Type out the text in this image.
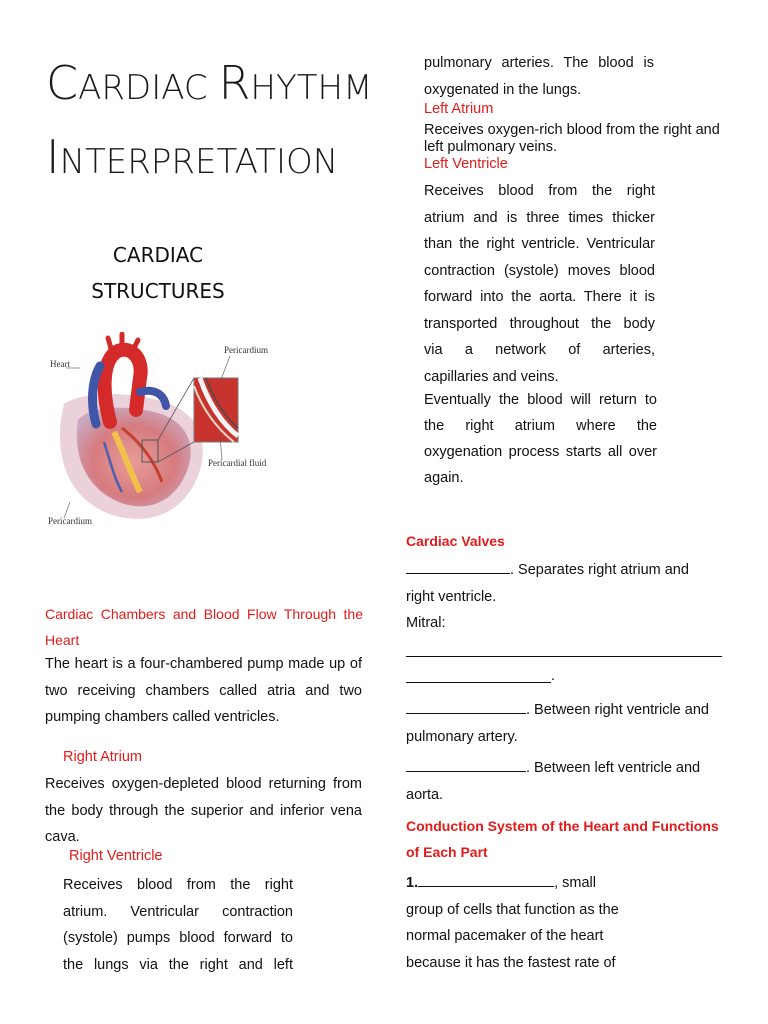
CARDIAC RHYTHM
INTERPRETATION
CARDIAC
STRUCTURES
Heart
Pericardium
Pericardial fluid
Pericardium
Cardiac Chambers and Blood Flow Through the
Heart
The heart is a four-chambered pump made up of
two receiving chambers called atria and two
pumping chambers called ventricles.
Right Atrium
Receives oxygen-depleted blood returning from
the body through the superior and inferior vena
cava.
Right Ventricle
Receives blood from the right
atrium. Ventricular contraction
(systole) pumps blood forward to
the lungs via the right and left
pulmonary arteries. The blood is
oxygenated in the lungs.
Left Atrium
Receives oxygen-rich blood from the right and
left pulmonary veins.
Left Ventricle
Receives blood from the right
atrium and is three times thicker
than the right ventricle. Ventricular
contraction (systole) moves blood
forward into the aorta. There it is
transported throughout the body
via a network of arteries,
capillaries and veins.
Eventually the blood will return to
the right atrium where the
oxygenation process starts all over
again.
Cardiac Valves
. Separates right atrium and
right ventricle.
Mitral:
.
. Between right ventricle and
pulmonary artery.
. Between left ventricle and
aorta.
Conduction System of the Heart and Functions
of Each Part
1.	, small
group of cells that function as the
normal pacemaker of the heart
because it has the fastest rate of
